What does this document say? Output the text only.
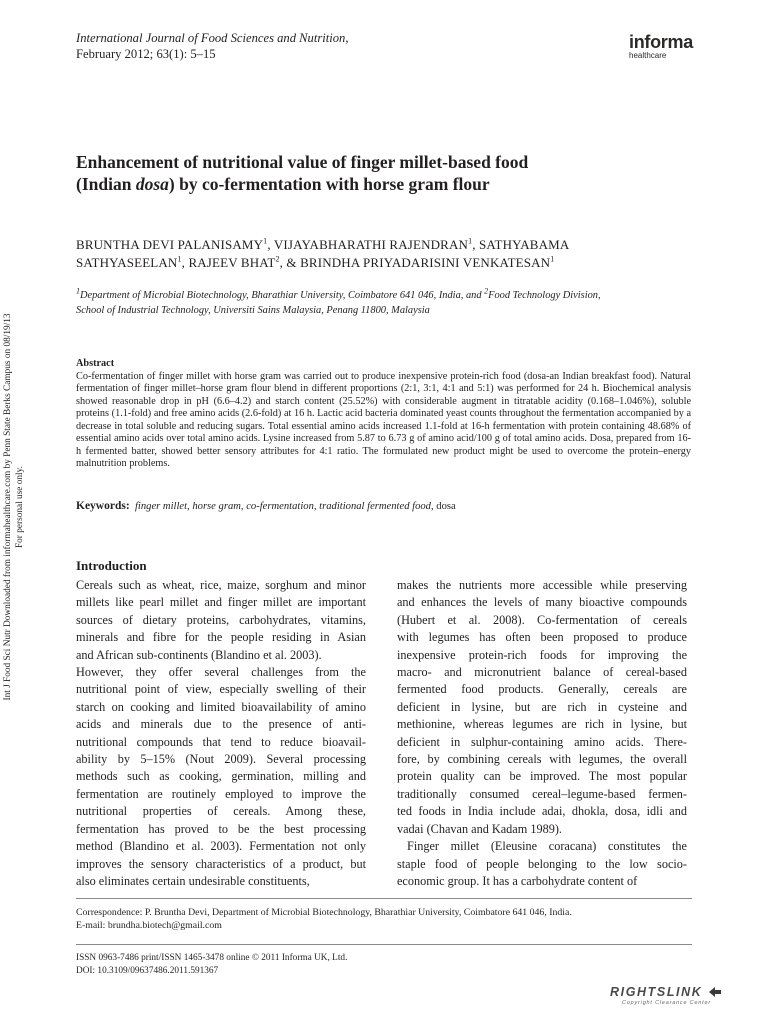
International Journal of Food Sciences and Nutrition,
February 2012; 63(1): 5–15
informa
healthcare
Enhancement of nutritional value of finger millet-based food
(Indian dosa) by co-fermentation with horse gram flour
BRUNTHA DEVI PALANISAMY$^1$, VIJAYABHARATHI RAJENDRAN$^1$, SATHYABAMA SATHYASEELAN$^1$, RAJEEV BHAT$^2$, & BRINDHA PRIYADARISINI VENKATESAN$^1$
$^1$Department of Microbial Biotechnology, Bharathiar University, Coimbatore 641 046, India, and $^2$Food Technology Division,
School of Industrial Technology, Universiti Sains Malaysia, Penang 11800, Malaysia
Abstract
Co-fermentation of finger millet with horse gram was carried out to produce inexpensive protein-rich food (dosa-an Indian breakfast food). Natural fermentation of finger millet–horse gram flour blend in different proportions (2:1, 3:1, 4:1 and 5:1) was performed for 24 h. Biochemical analysis showed reasonable drop in pH (6.6–4.2) and starch content (25.52%) with considerable augment in titratable acidity (0.168–1.046%), soluble proteins (1.1-fold) and free amino acids (2.6-fold) at 16 h. Lactic acid bacteria dominated yeast counts throughout the fermentation accompanied by a decrease in total soluble and reducing sugars. Total essential amino acids increased 1.1-fold at 16-h fermentation with protein containing 48.68% of essential amino acids over total amino acids. Lysine increased from 5.87 to 6.73 g of amino acid/100 g of total amino acids. Dosa, prepared from 16-h fermented batter, showed better sensory attributes for 4:1 ratio. The formulated new product might be used to overcome the protein–energy malnutrition problems.
Keywords: finger millet, horse gram, co-fermentation, traditional fermented food, dosa
Introduction
Cereals such as wheat, rice, maize, sorghum and minor
millets like pearl millet and finger millet are important
sources of dietary proteins, carbohydrates, vitamins,
minerals and fibre for the people residing in Asian
and African sub-continents (Blandino et al. 2003).
However, they offer several challenges from the
nutritional point of view, especially swelling of their
starch on cooking and limited bioavailability of amino
acids and minerals due to the presence of anti-
nutritional compounds that tend to reduce bioavail-
ability by 5–15% (Nout 2009). Several processing
methods such as cooking, germination, milling and
fermentation are routinely employed to improve the
nutritional properties of cereals. Among these,
fermentation has proved to be the best processing
method (Blandino et al. 2003). Fermentation not only
improves the sensory characteristics of a product, but
also eliminates certain undesirable constituents,
makes the nutrients more accessible while preserving
and enhances the levels of many bioactive compounds
(Hubert et al. 2008). Co-fermentation of cereals
with legumes has often been proposed to produce
inexpensive protein-rich foods for improving the
macro- and micronutrient balance of cereal-based
fermented food products. Generally, cereals are
deficient in lysine, but are rich in cysteine and
methionine, whereas legumes are rich in lysine, but
deficient in sulphur-containing amino acids. There-
fore, by combining cereals with legumes, the overall
protein quality can be improved. The most popular
traditionally consumed cereal–legume-based fermen-
ted foods in India include adai, dhokla, dosa, idli and
vadai (Chavan and Kadam 1989).
Finger millet (Eleusine coracana) constitutes the
staple food of people belonging to the low socio-
economic group. It has a carbohydrate content of
Correspondence: P. Bruntha Devi, Department of Microbial Biotechnology, Bharathiar University, Coimbatore 641 046, India.
E-mail: brundha.biotech@gmail.com
ISSN 0963-7486 print/ISSN 1465-3478 online © 2011 Informa UK, Ltd.
DOI: 10.3109/09637486.2011.591367
Int J Food Sci Nutr Downloaded from informahealthcare.com by Penn State Berks Campus on 08/19/13 For personal use only.
RIGHTSLINK
Copyright Clearance Center
